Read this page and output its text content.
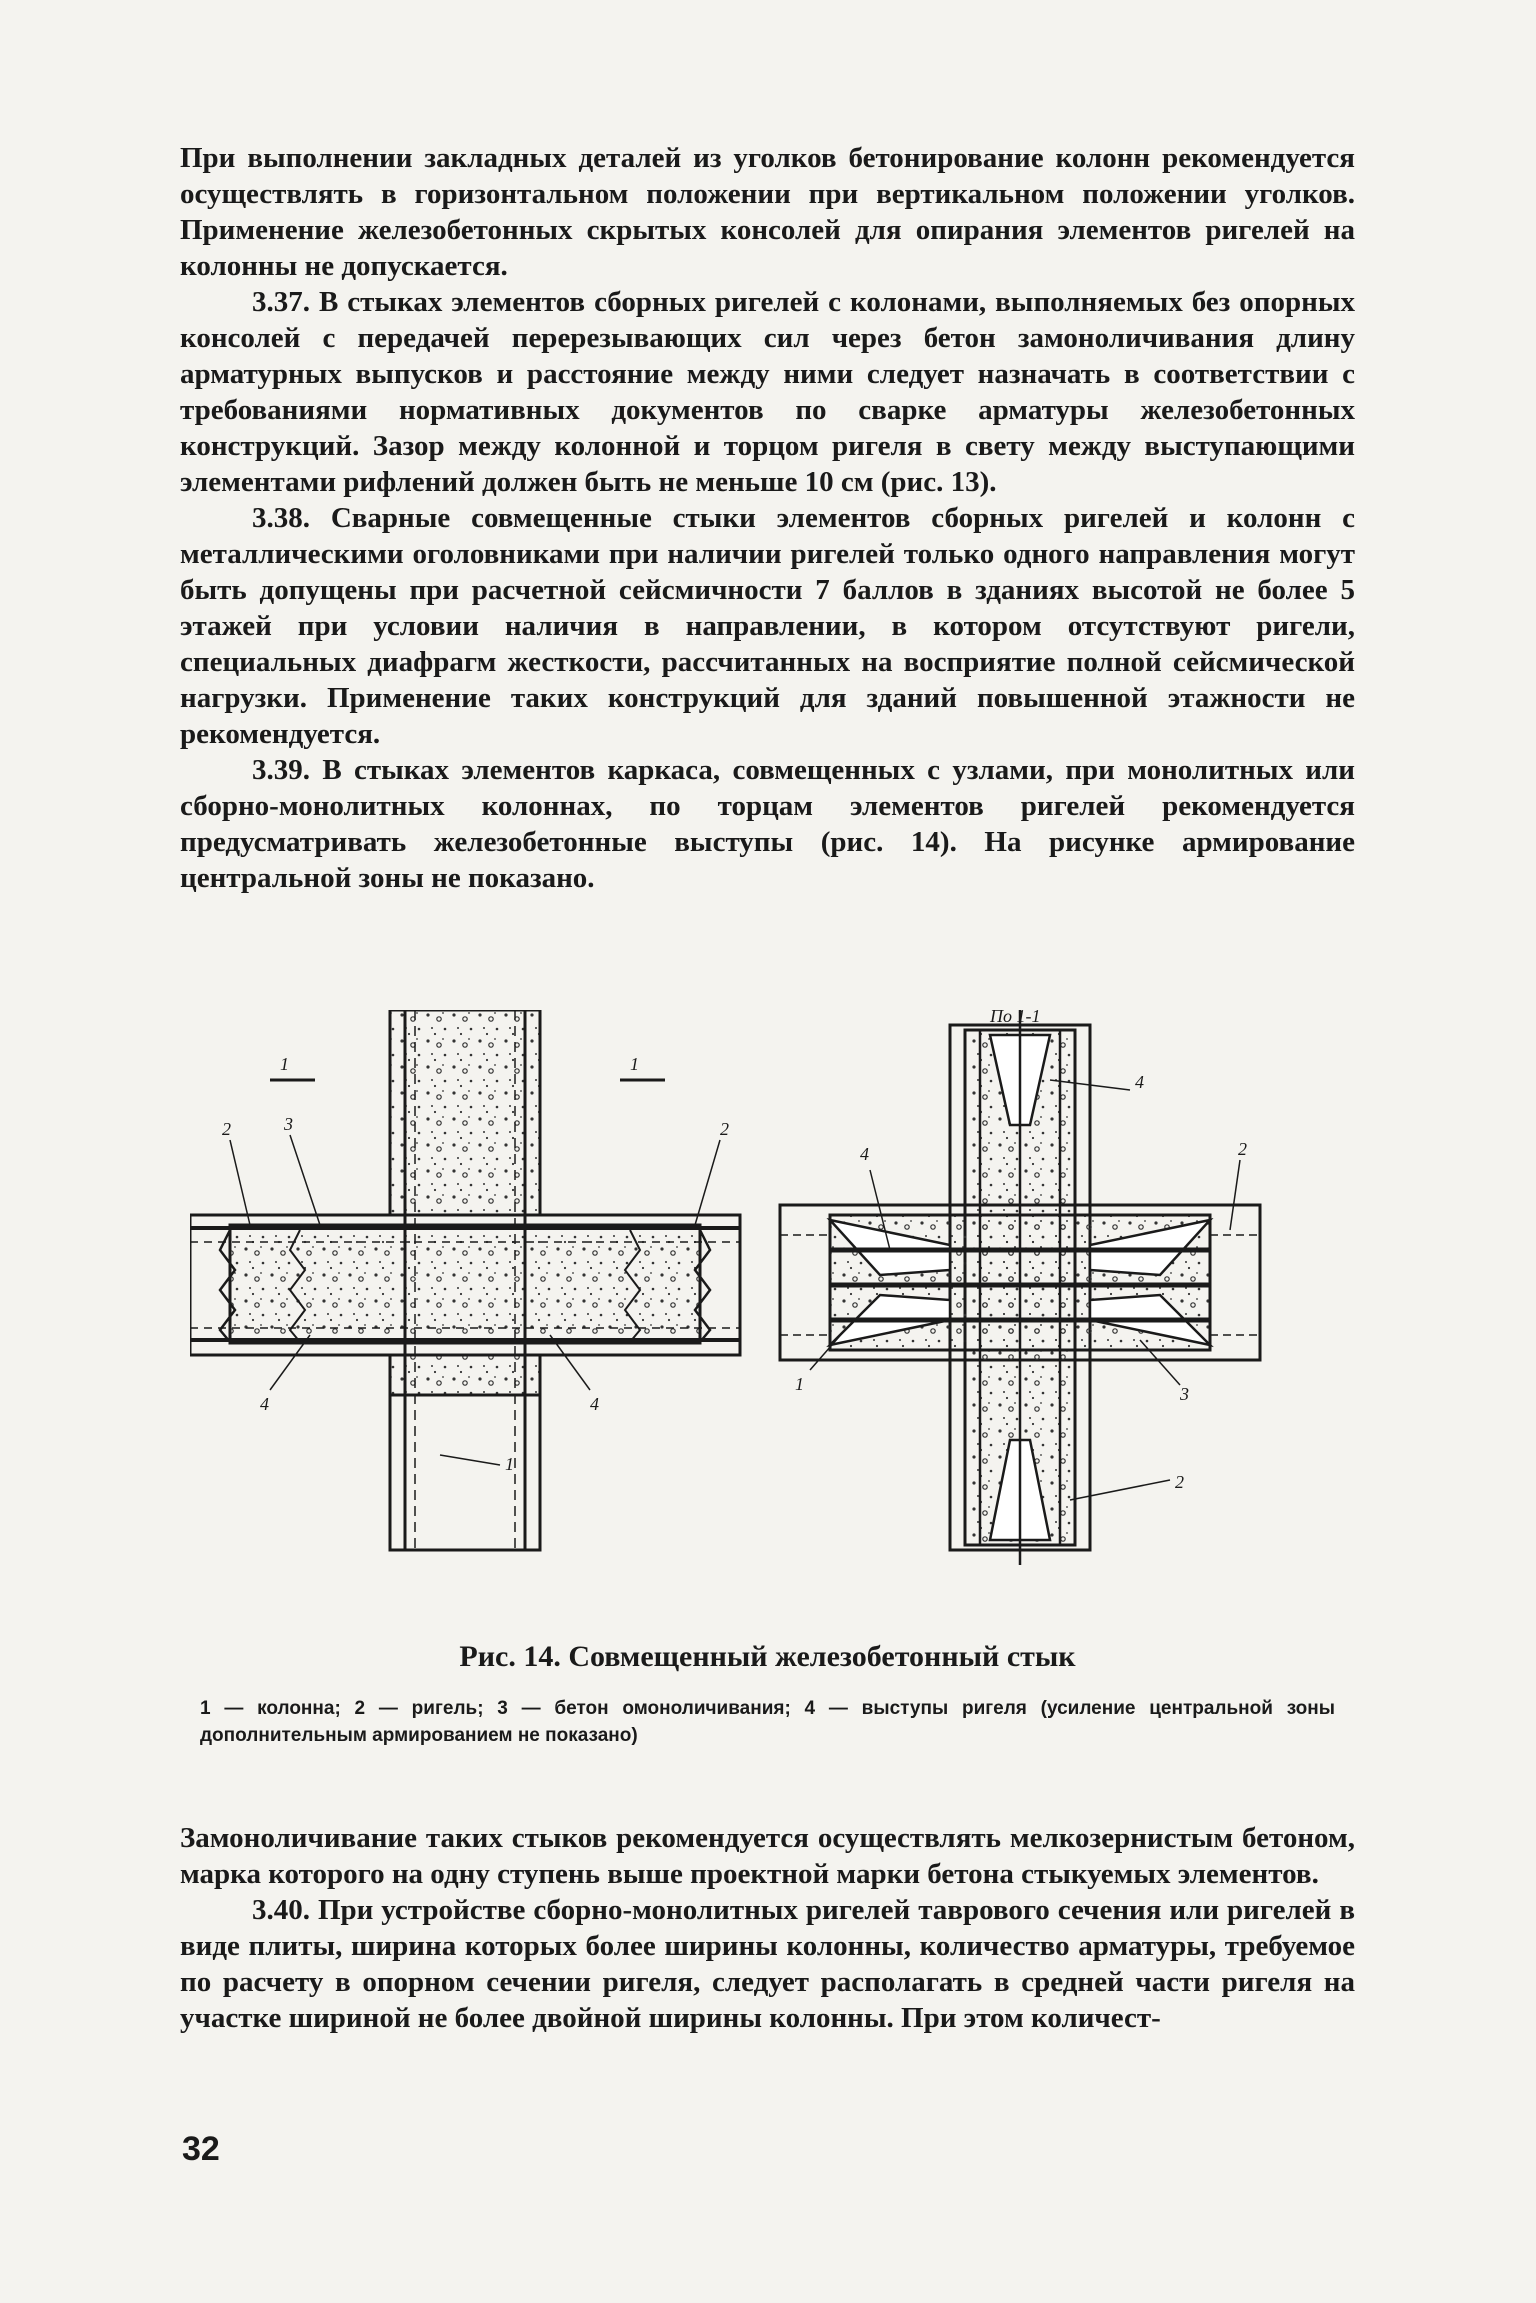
При выполнении закладных деталей из уголков бетонирование колонн рекомендуется осуществлять в горизонтальном положении при вертикальном положении уголков. Применение железобетонных скрытых консолей для опирания элементов ригелей на колонны не допускается.

3.37. В стыках элементов сборных ригелей с колонами, выполняемых без опорных консолей с передачей перерезывающих сил через бетон замоноличивания длину арматурных выпусков и расстояние между ними следует назначать в соответствии с требованиями нормативных документов по сварке арматуры железобетонных конструкций. Зазор между колонной и торцом ригеля в свету между выступающими элементами рифлений должен быть не меньше 10 см (рис. 13).

3.38. Сварные совмещенные стыки элементов сборных ригелей и колонн с металлическими оголовниками при наличии ригелей только одного направления могут быть допущены при расчетной сейсмичности 7 баллов в зданиях высотой не более 5 этажей при условии наличия в направлении, в котором отсутствуют ригели, специальных диафрагм жесткости, рассчитанных на восприятие полной сейсмической нагрузки. Применение таких конструкций для зданий повышенной этажности не рекомендуется.

3.39. В стыках элементов каркаса, совмещенных с узлами, при монолитных или сборно-монолитных колоннах, по торцам элементов ригелей рекомендуется предусматривать железобетонные выступы (рис. 14). На рисунке армирование центральной зоны не показано.

1	1
2	3	2
4	4
1
По 1-1
4
4
2
1	3
2
Рис. 14. Совмещенный железобетонный стык
1 — колонна; 2 — ригель; 3 — бетон омоноличивания; 4 — выступы ригеля (усиление центральной зоны дополнительным армированием не показано)

Замоноличивание таких стыков рекомендуется осуществлять мелкозернистым бетоном, марка которого на одну ступень выше проектной марки бетона стыкуемых элементов.

3.40. При устройстве сборно-монолитных ригелей таврового сечения или ригелей в виде плиты, ширина которых более ширины колонны, количество арматуры, требуемое по расчету в опорном сечении ригеля, следует располагать в средней части ригеля на участке шириной не более двойной ширины колонны. При этом количест-

32
